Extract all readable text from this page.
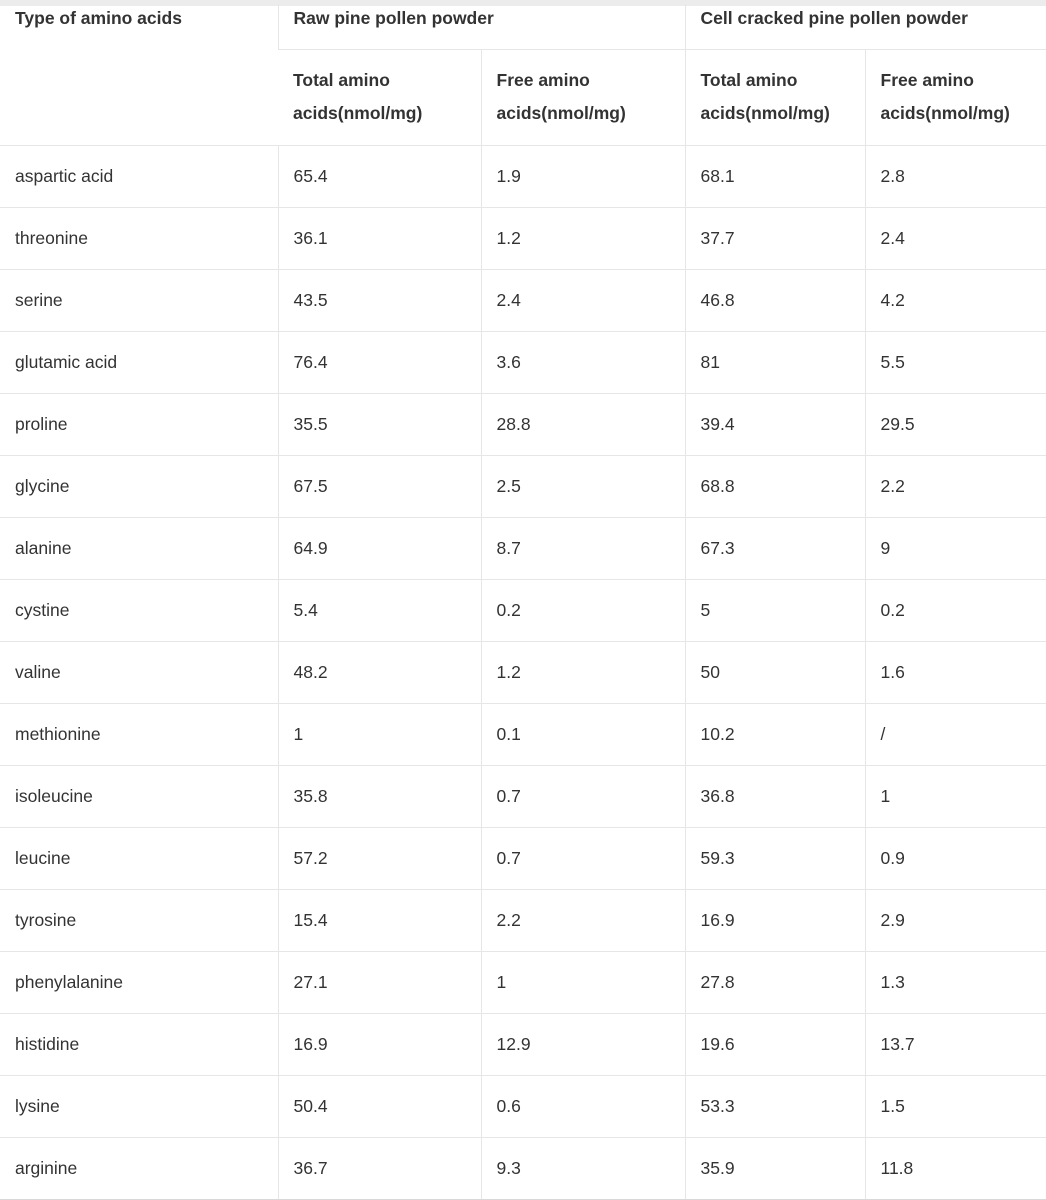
Type of amino acids	Raw pine pollen powder		Cell cracked pine pollen powder	
	Total amino acids(nmol/mg)	Free amino acids(nmol/mg)	Total amino acids(nmol/mg)	Free amino acids(nmol/mg)
aspartic acid	65.4	1.9	68.1	2.8
threonine	36.1	1.2	37.7	2.4
serine	43.5	2.4	46.8	4.2
glutamic acid	76.4	3.6	81	5.5
proline	35.5	28.8	39.4	29.5
glycine	67.5	2.5	68.8	2.2
alanine	64.9	8.7	67.3	9
cystine	5.4	0.2	5	0.2
valine	48.2	1.2	50	1.6
methionine	1	0.1	10.2	/
isoleucine	35.8	0.7	36.8	1
leucine	57.2	0.7	59.3	0.9
tyrosine	15.4	2.2	16.9	2.9
phenylalanine	27.1	1	27.8	1.3
histidine	16.9	12.9	19.6	13.7
lysine	50.4	0.6	53.3	1.5
arginine	36.7	9.3	35.9	11.8
